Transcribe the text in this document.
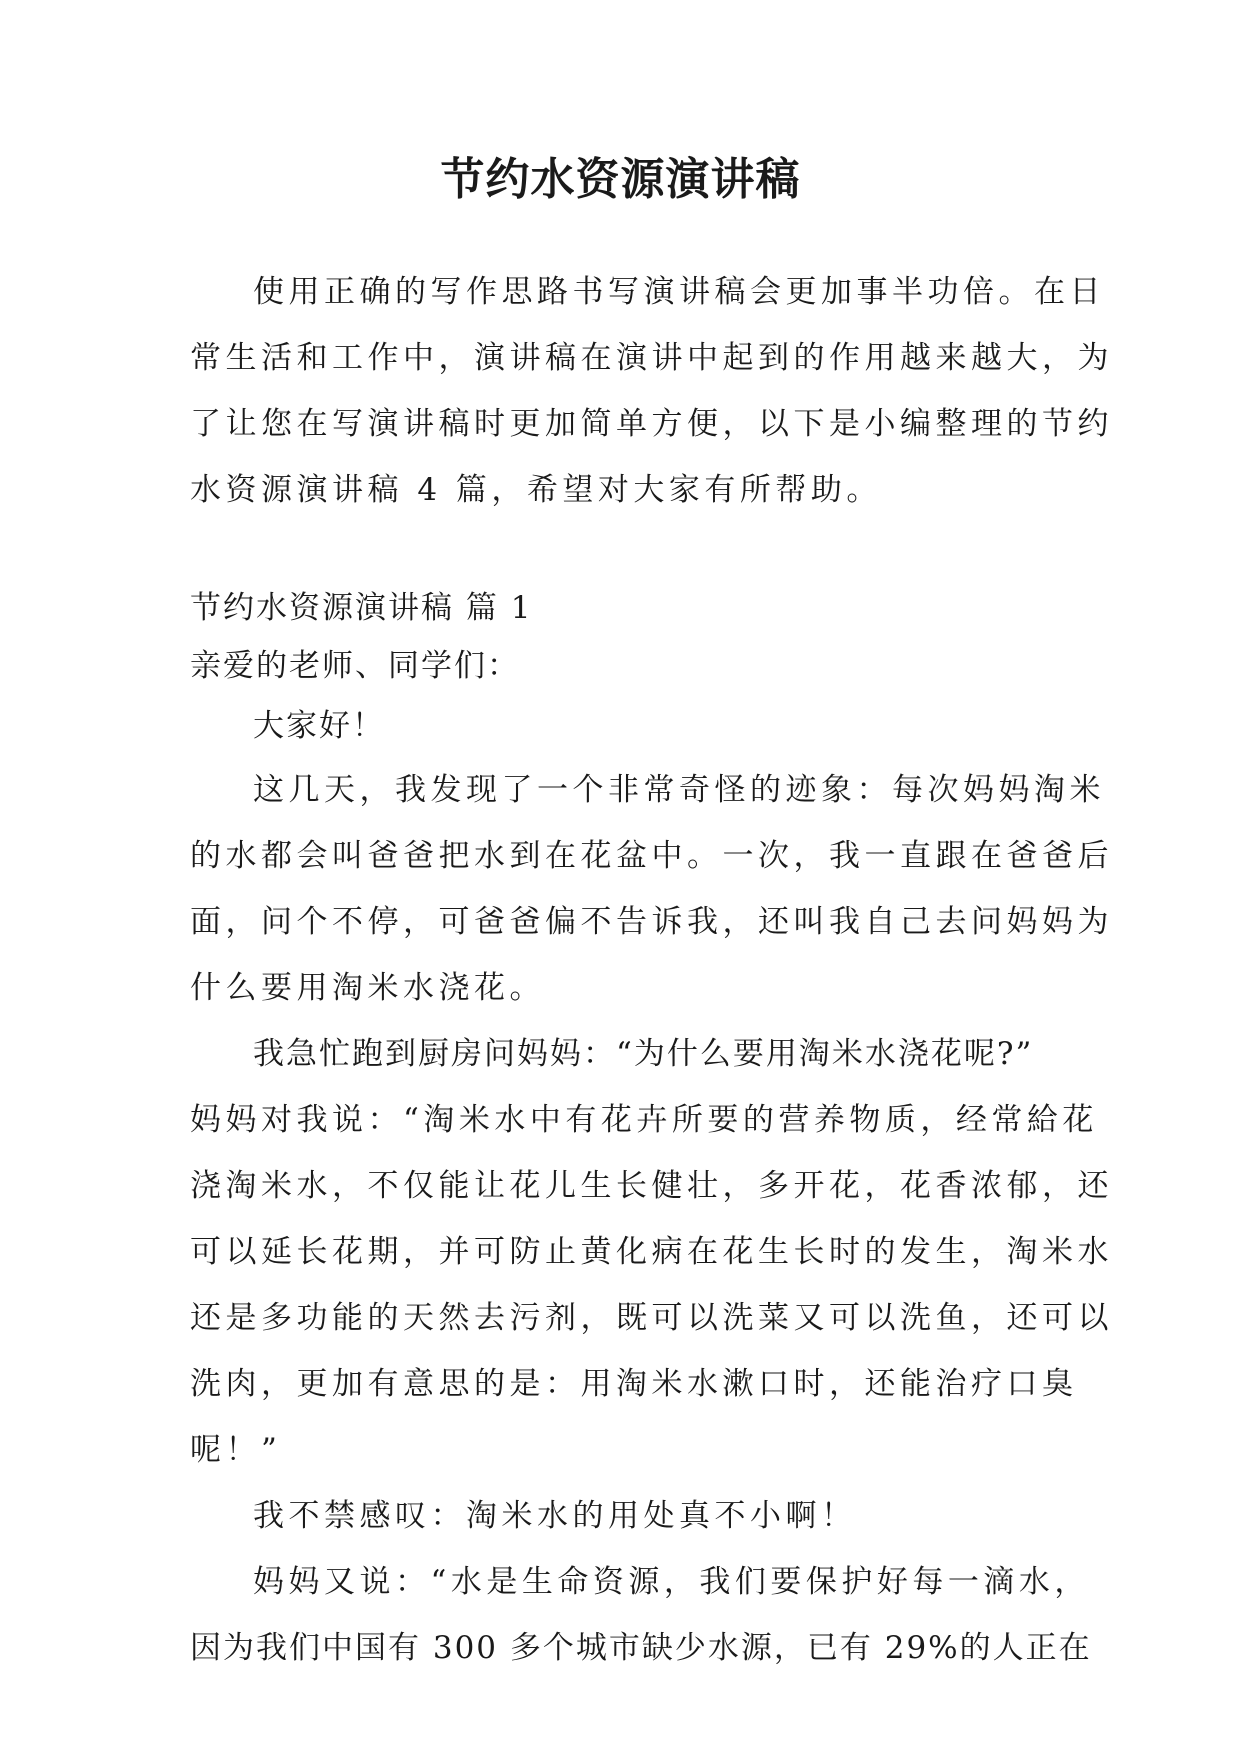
节约水资源演讲稿
使用正确的写作思路书写演讲稿会更加事半功倍。在日
常生活和工作中，演讲稿在演讲中起到的作用越来越大，为
了让您在写演讲稿时更加简单方便，以下是小编整理的节约
水资源演讲稿 4 篇，希望对大家有所帮助。
节约水资源演讲稿 篇 1
亲爱的老师、同学们：
大家好！
这几天，我发现了一个非常奇怪的迹象：每次妈妈淘米
的水都会叫爸爸把水到在花盆中。一次，我一直跟在爸爸后
面，问个不停，可爸爸偏不告诉我，还叫我自己去问妈妈为
什么要用淘米水浇花。
我急忙跑到厨房问妈妈：“为什么要用淘米水浇花呢?”
妈妈对我说：“淘米水中有花卉所要的营养物质，经常給花
浇淘米水，不仅能让花儿生长健壮，多开花，花香浓郁，还
可以延长花期，并可防止黄化病在花生长时的发生，淘米水
还是多功能的天然去污剂，既可以洗菜又可以洗鱼，还可以
洗肉，更加有意思的是：用淘米水漱口时，还能治疗口臭
呢！”
我不禁感叹：淘米水的用处真不小啊！
妈妈又说：“水是生命资源，我们要保护好每一滴水，
因为我们中国有 300 多个城市缺少水源，已有 29%的人正在
